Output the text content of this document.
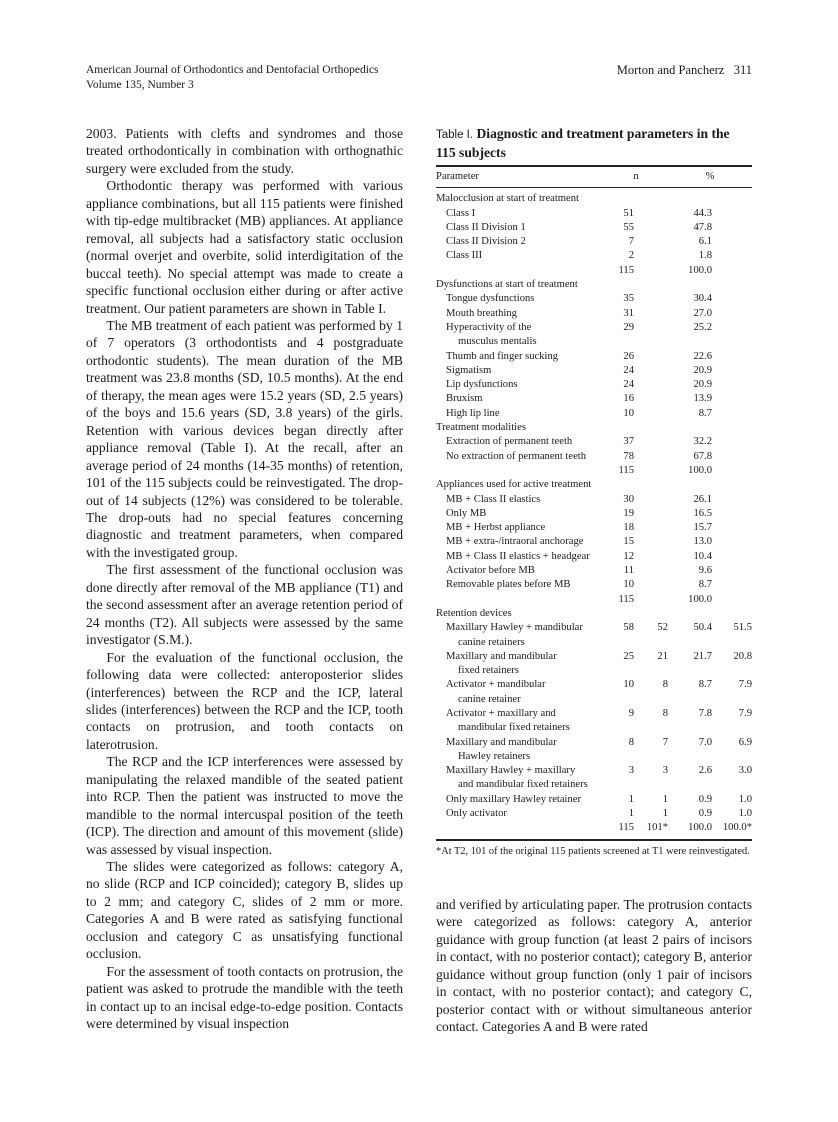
American Journal of Orthodontics and Dentofacial Orthopedics
Volume 135, Number 3
Morton and Pancherz 311

2003. Patients with clefts and syndromes and those treated orthodontically in combination with orthognathic surgery were excluded from the study.

Orthodontic therapy was performed with various appliance combinations, but all 115 patients were finished with tip-edge multibracket (MB) appliances. At appliance removal, all subjects had a satisfactory static occlusion (normal overjet and overbite, solid interdigitation of the buccal teeth). No special attempt was made to create a specific functional occlusion either during or after active treatment. Our patient parameters are shown in Table I.

The MB treatment of each patient was performed by 1 of 7 operators (3 orthodontists and 4 postgraduate orthodontic students). The mean duration of the MB treatment was 23.8 months (SD, 10.5 months). At the end of therapy, the mean ages were 15.2 years (SD, 2.5 years) of the boys and 15.6 years (SD, 3.8 years) of the girls. Retention with various devices began directly after appliance removal (Table I). At the recall, after an average period of 24 months (14-35 months) of retention, 101 of the 115 subjects could be reinvestigated. The drop-out of 14 subjects (12%) was considered to be tolerable. The drop-outs had no special features concerning diagnostic and treatment parameters, when compared with the investigated group.

The first assessment of the functional occlusion was done directly after removal of the MB appliance (T1) and the second assessment after an average retention period of 24 months (T2). All subjects were assessed by the same investigator (S.M.).

For the evaluation of the functional occlusion, the following data were collected: anteroposterior slides (interferences) between the RCP and the ICP, lateral slides (interferences) between the RCP and the ICP, tooth contacts on protrusion, and tooth contacts on laterotrusion.

The RCP and the ICP interferences were assessed by manipulating the relaxed mandible of the seated patient into RCP. Then the patient was instructed to move the mandible to the normal intercuspal position of the teeth (ICP). The direction and amount of this movement (slide) was assessed by visual inspection.

The slides were categorized as follows: category A, no slide (RCP and ICP coincided); category B, slides up to 2 mm; and category C, slides of 2 mm or more. Categories A and B were rated as satisfying functional occlusion and category C as unsatisfying functional occlusion.

For the assessment of tooth contacts on protrusion, the patient was asked to protrude the mandible with the teeth in contact up to an incisal edge-to-edge position. Contacts were determined by visual inspection

Table I. Diagnostic and treatment parameters in the 115 subjects
Parameter	n		%	
Malocclusion at start of treatment				
Class I	51		44.3	
Class II Division 1	55		47.8	
Class II Division 2	7		6.1	
Class III	2		1.8	
	115		100.0	
Dysfunctions at start of treatment				
Tongue dysfunctions	35		30.4	
Mouth breathing	31		27.0	
Hyperactivity of the
musculus mentalis	29		25.2	
Thumb and finger sucking	26		22.6	
Sigmatism	24		20.9	
Lip dysfunctions	24		20.9	
Bruxism	16		13.9	
High lip line	10		8.7	
Treatment modalities				
Extraction of permanent teeth	37		32.2	
No extraction of permanent teeth	78		67.8	
	115		100.0	
Appliances used for active treatment				
MB + Class II elastics	30		26.1	
Only MB	19		16.5	
MB + Herbst appliance	18		15.7	
MB + extra-/intraoral anchorage	15		13.0	
MB + Class II elastics + headgear	12		10.4	
Activator before MB	11		9.6	
Removable plates before MB	10		8.7	
	115		100.0	
Retention devices				
Maxillary Hawley + mandibular
canine retainers	58	52	50.4	51.5
Maxillary and mandibular
fixed retainers	25	21	21.7	20.8
Activator + mandibular
canine retainer	10	8	8.7	7.9
Activator + maxillary and
mandibular fixed retainers	9	8	7.8	7.9
Maxillary and mandibular
Hawley retainers	8	7	7.0	6.9
Maxillary Hawley + maxillary
and mandibular fixed retainers	3	3	2.6	3.0
Only maxillary Hawley retainer	1	1	0.9	1.0
Only activator	1	1	0.9	1.0
	115	101*	100.0	100.0*
*At T2, 101 of the original 115 patients screened at T1 were reinvestigated.

and verified by articulating paper. The protrusion contacts were categorized as follows: category A, anterior guidance with group function (at least 2 pairs of incisors in contact, with no posterior contact); category B, anterior guidance without group function (only 1 pair of incisors in contact, with no posterior contact); and category C, posterior contact with or without simultaneous anterior contact. Categories A and B were rated
